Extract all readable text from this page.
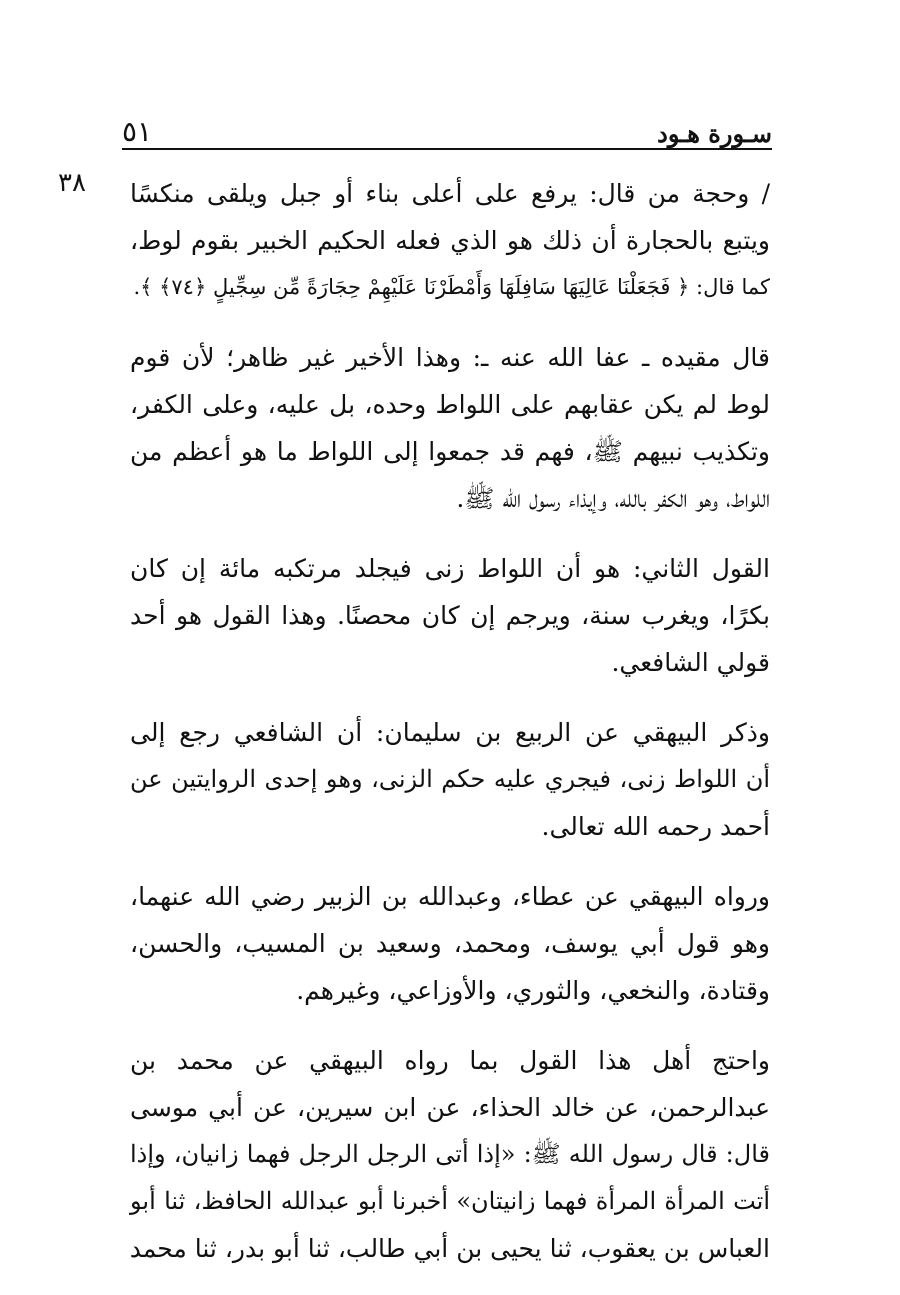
سـورة هـود
٥١
٣٨ / وحجة من قال: يرفع على أعلى بناء أو جبل ويلقى منكسًا
ويتبع بالحجارة أن ذلك هو الذي فعله الحكيم الخبير بقوم لوط،
كما قال: ﴿ فَجَعَلْنَا عَالِيَهَا سَافِلَهَا وَأَمْطَرْنَا عَلَيْهِمْ حِجَارَةً مِّن سِجِّيلٍ ﴿٧٤﴾ ﴾.

قال مقيده ـ عفا الله عنه ـ: وهذا الأخير غير ظاهر؛ لأن قوم
لوط لم يكن عقابهم على اللواط وحده، بل عليه، وعلى الكفر،
وتكذيب نبيهم ﷺ، فهم قد جمعوا إلى اللواط ما هو أعظم من
اللواط، وهو الكفر بالله، وإيذاء رسول الله ﷺ.

القول الثاني: هو أن اللواط زنى فيجلد مرتكبه مائة إن كان
بكرًا، ويغرب سنة، ويرجم إن كان محصنًا. وهذا القول هو أحد
قولي الشافعي.

وذكر البيهقي عن الربيع بن سليمان: أن الشافعي رجع إلى
أن اللواط زنى، فيجري عليه حكم الزنى، وهو إحدى الروايتين عن
أحمد رحمه الله تعالى.

ورواه البيهقي عن عطاء، وعبدالله بن الزبير رضي الله عنهما،
وهو قول أبي يوسف، ومحمد، وسعيد بن المسيب، والحسن،
وقتادة، والنخعي، والثوري، والأوزاعي، وغيرهم.

واحتج أهل هذا القول بما رواه البيهقي عن محمد بن
عبدالرحمن، عن خالد الحذاء، عن ابن سيرين، عن أبي موسى
قال: قال رسول الله ﷺ: «إذا أتى الرجل الرجل فهما زانيان، وإذا
أتت المرأة المرأة فهما زانيتان» أخبرنا أبو عبدالله الحافظ، ثنا أبو
العباس بن يعقوب، ثنا يحيى بن أبي طالب، ثنا أبو بدر، ثنا محمد
